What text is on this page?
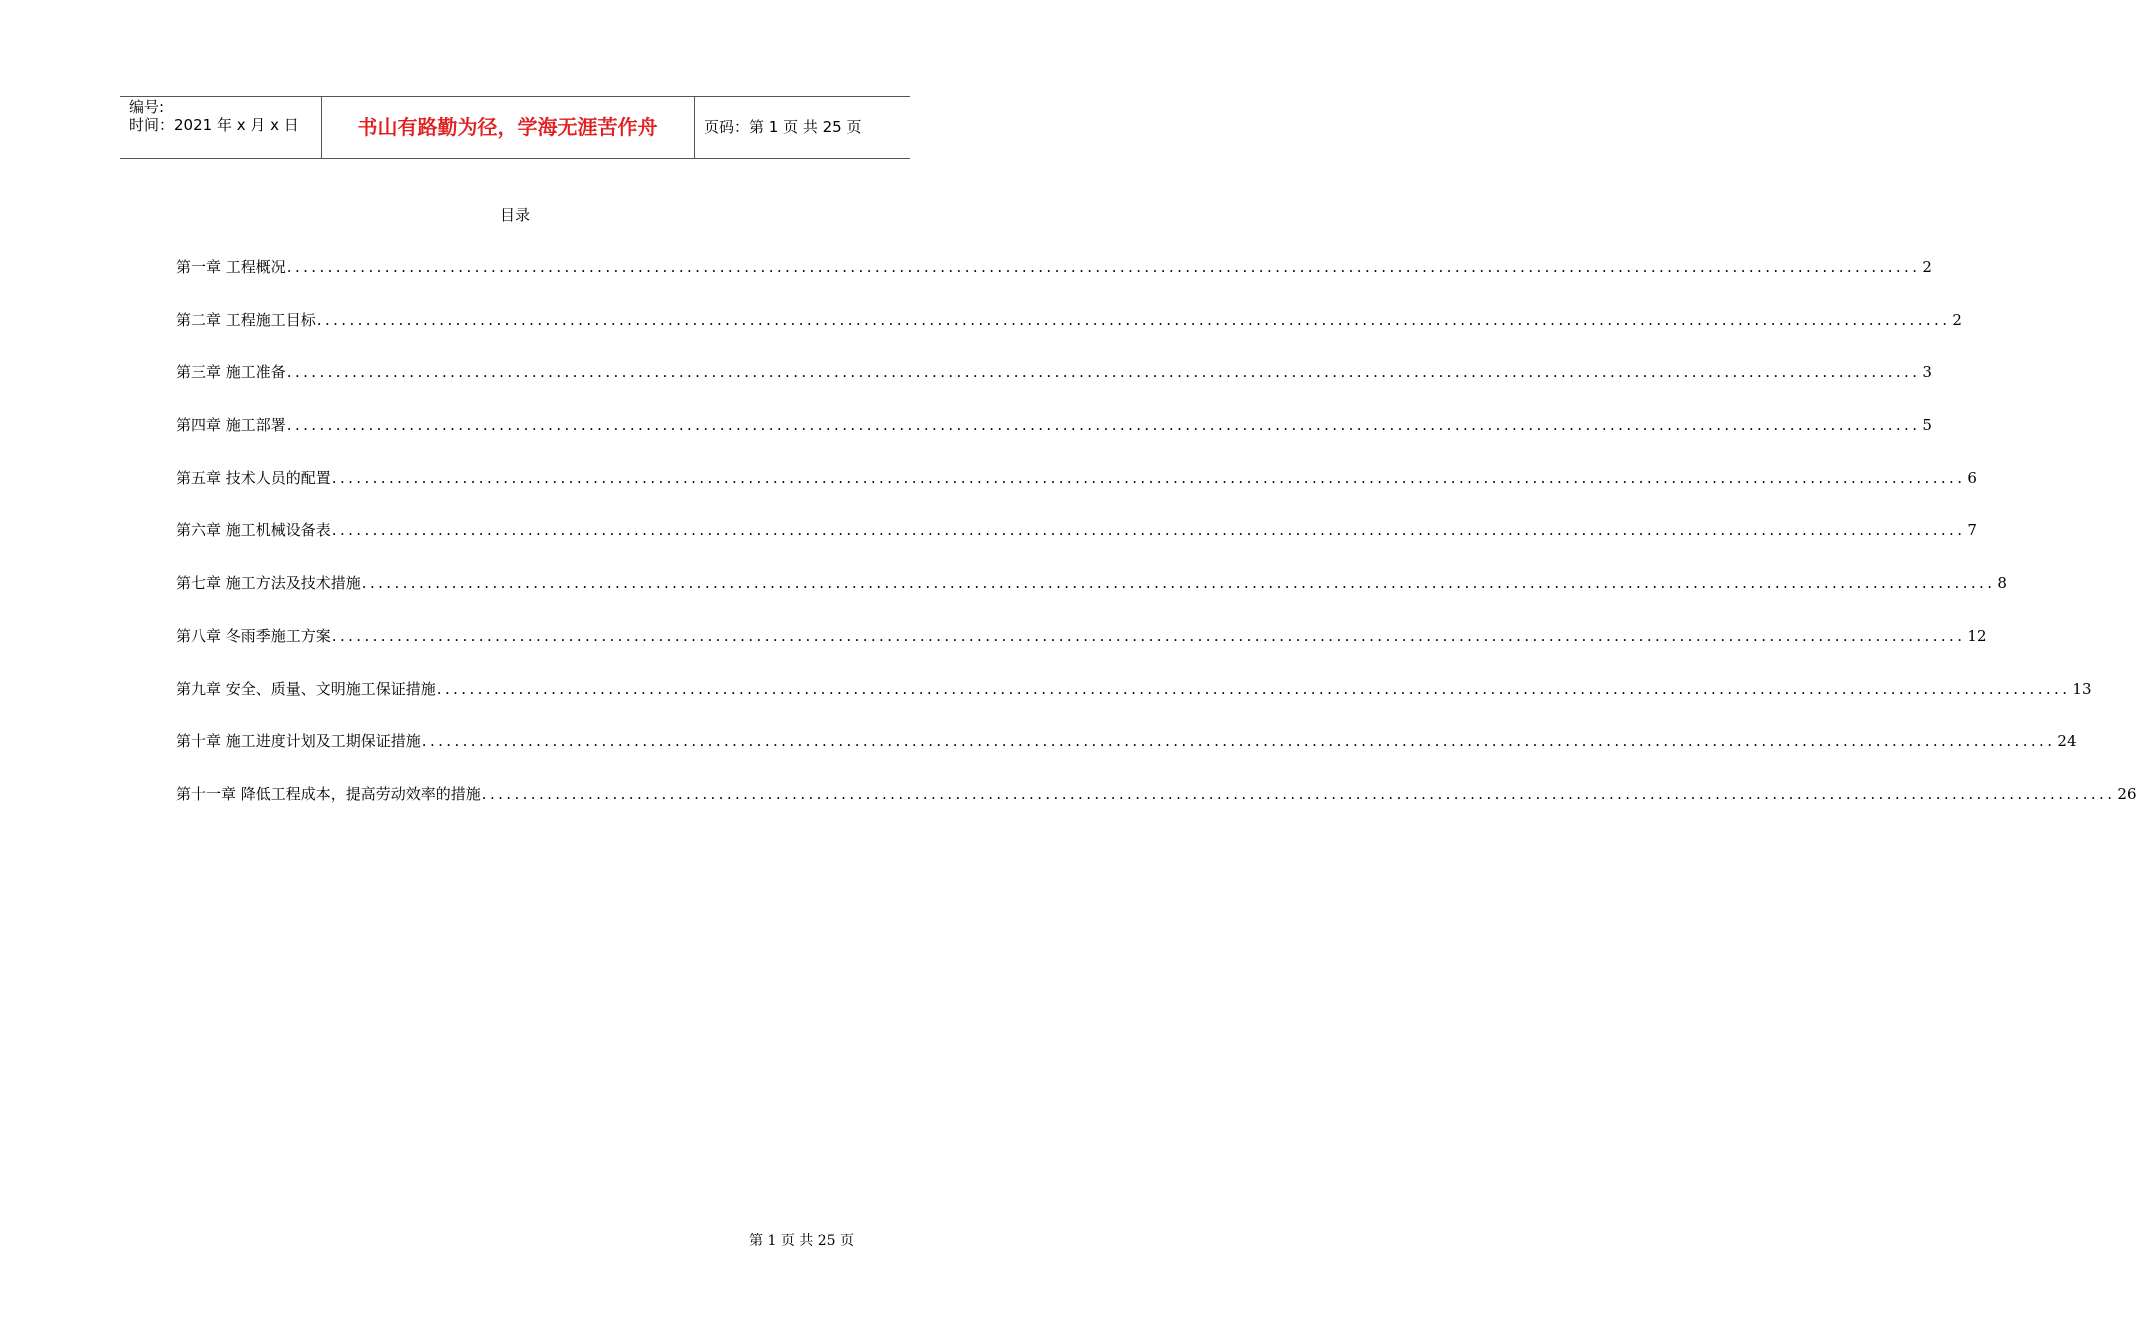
编号:
时间：2021 年 x 月 x 日	书山有路勤为径，学海无涯苦作舟	页码：第 1 页 共 25 页
目录
第一章 工程概况 ........................................................................................................................................................................................................ 2
第二章 工程施工目标 ........................................................................................................................................................................................................ 2
第三章 施工准备 ........................................................................................................................................................................................................ 3
第四章 施工部署 ........................................................................................................................................................................................................ 5
第五章 技术人员的配置 ........................................................................................................................................................................................................ 6
第六章 施工机械设备表 ........................................................................................................................................................................................................ 7
第七章 施工方法及技术措施 ........................................................................................................................................................................................................ 8
第八章 冬雨季施工方案 ........................................................................................................................................................................................................ 12
第九章 安全、质量、文明施工保证措施 ........................................................................................................................................................................................................ 13
第十章 施工进度计划及工期保证措施 ........................................................................................................................................................................................................ 24
第十一章 降低工程成本，提高劳动效率的措施 ........................................................................................................................................................................................................ 26
第 1 页 共 25 页
